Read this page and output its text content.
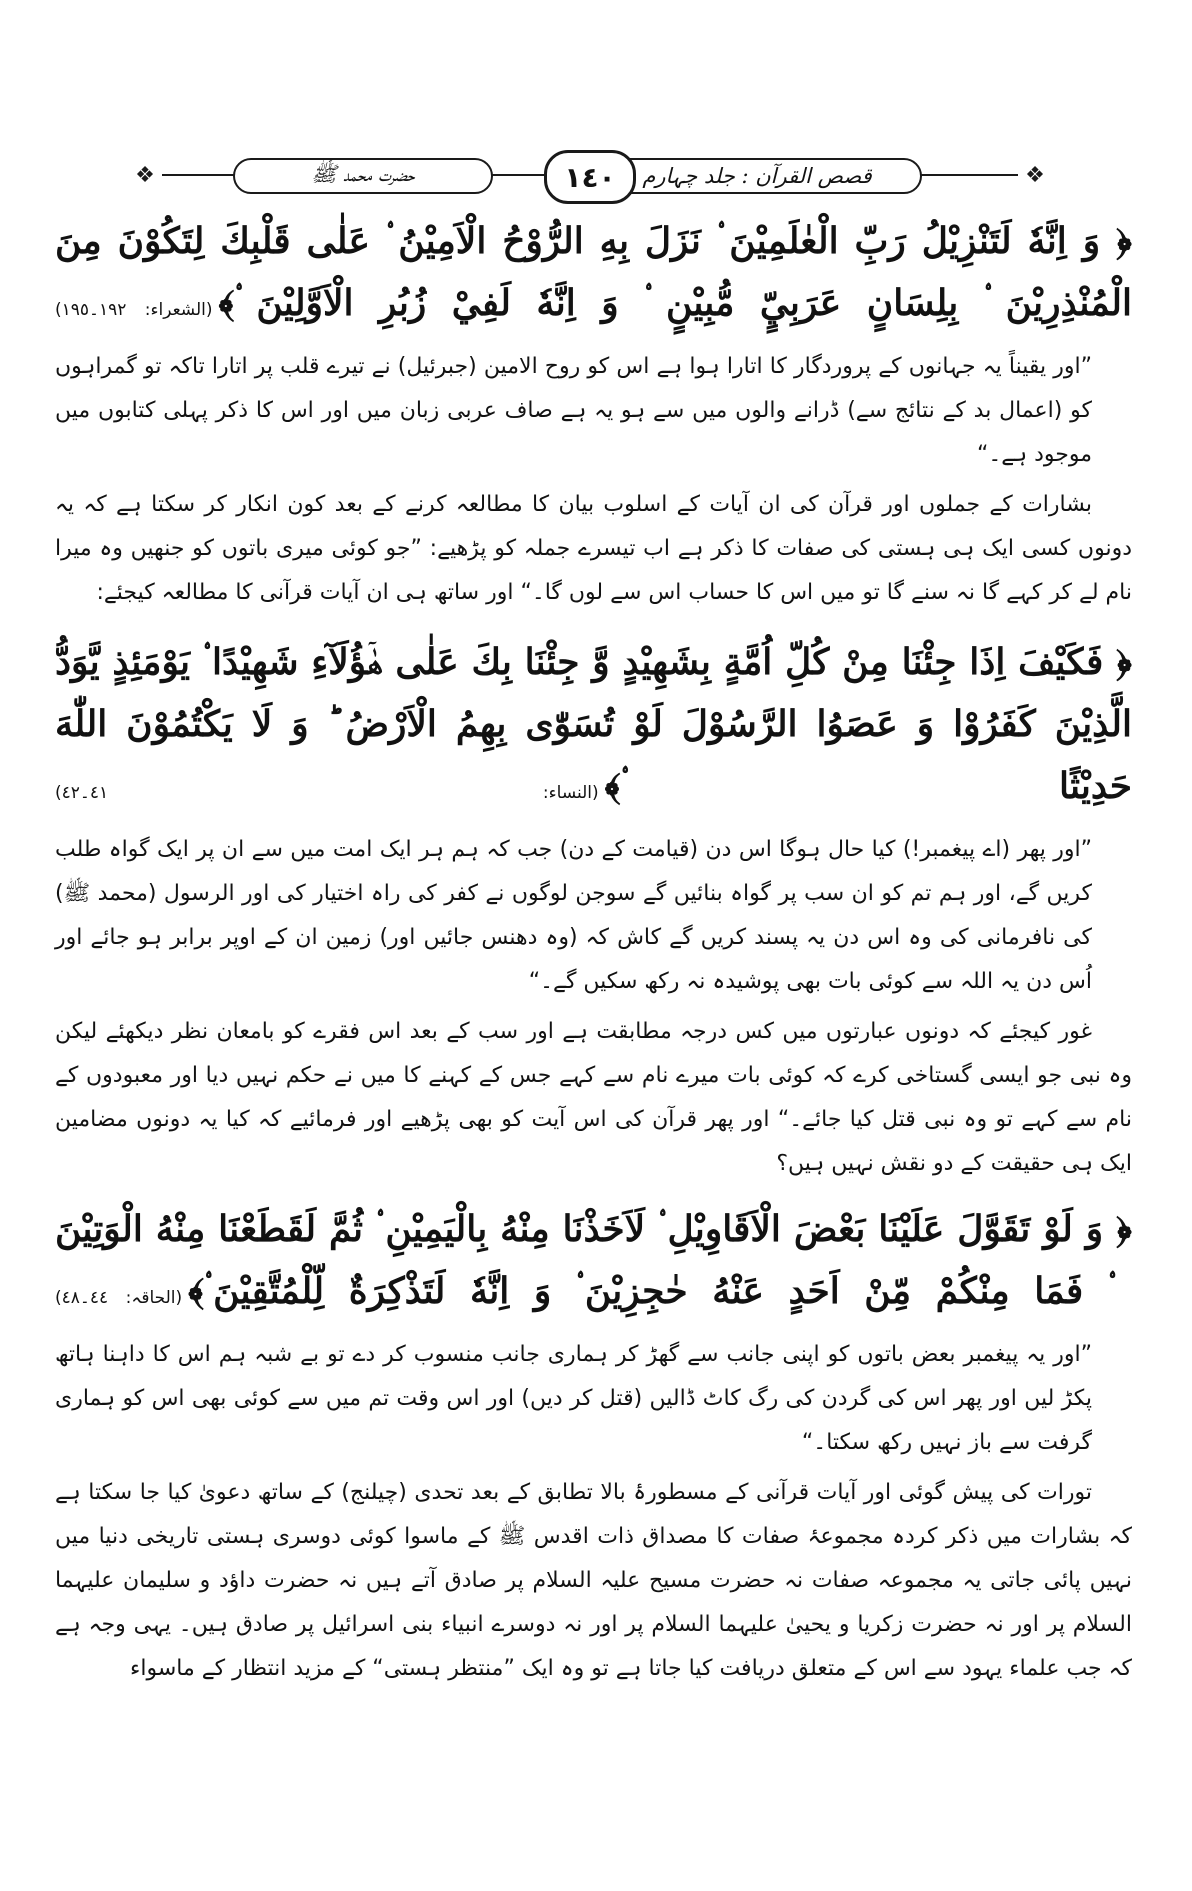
❖
❖	قصص القرآن : جلد چہارم
١٤٠
حضرت محمد ﷺ

﴿ وَ اِنَّهٗ لَتَنْزِيْلُ رَبِّ الْعٰلَمِيْنَ ۟ نَزَلَ بِهِ الرُّوْحُ الْاَمِيْنُ ۟ عَلٰى قَلْبِكَ لِتَكُوْنَ مِنَ الْمُنْذِرِيْنَ ۟ بِلِسَانٍ عَرَبِيٍّ مُّبِيْنٍ ۟ وَ اِنَّهٗ لَفِيْ زُبُرِ الْاَوَّلِيْنَ ۟﴾(الشعراء: ١٩٢۔١٩٥)

”اور یقیناً یہ جہانوں کے پروردگار کا اتارا ہوا ہے اس کو روح الامین (جبرئیل) نے تیرے قلب پر اتارا تاکہ تو گمراہوں کو (اعمال بد کے نتائج سے) ڈرانے والوں میں سے ہو یہ ہے صاف عربی زبان میں اور اس کا ذکر پہلی کتابوں میں موجود ہے۔“

بشارات کے جملوں اور قرآن کی ان آیات کے اسلوب بیان کا مطالعہ کرنے کے بعد کون انکار کر سکتا ہے کہ یہ دونوں کسی ایک ہی ہستی کی صفات کا ذکر ہے اب تیسرے جملہ کو پڑھیے: ”جو کوئی میری باتوں کو جنھیں وہ میرا نام لے کر کہے گا نہ سنے گا تو میں اس کا حساب اس سے لوں گا۔“ اور ساتھ ہی ان آیات قرآنی کا مطالعہ کیجئے:

﴿ فَكَيْفَ اِذَا جِئْنَا مِنْ كُلِّ اُمَّةٍ بِشَهِيْدٍ وَّ جِئْنَا بِكَ عَلٰى هٰۤؤُلَآءِ شَهِيْدًا ۟ يَوْمَئِذٍ يَّوَدُّ الَّذِيْنَ كَفَرُوْا وَ عَصَوُا الرَّسُوْلَ لَوْ تُسَوّٰى بِهِمُ الْاَرْضُ ؕ وَ لَا يَكْتُمُوْنَ اللّٰهَ حَدِيْثًا ۟﴾(النساء: ٤١۔٤٢)

”اور پھر (اے پیغمبر!) کیا حال ہوگا اس دن (قیامت کے دن) جب کہ ہم ہر ایک امت میں سے ان پر ایک گواہ طلب کریں گے، اور ہم تم کو ان سب پر گواہ بنائیں گے سوجن لوگوں نے کفر کی راہ اختیار کی اور الرسول (محمد ﷺ) کی نافرمانی کی وہ اس دن یہ پسند کریں گے کاش کہ (وہ دھنس جائیں اور) زمین ان کے اوپر برابر ہو جائے اور اُس دن یہ اللہ سے کوئی بات بھی پوشیدہ نہ رکھ سکیں گے۔“

غور کیجئے کہ دونوں عبارتوں میں کس درجہ مطابقت ہے اور سب کے بعد اس فقرے کو بامعان نظر دیکھئے لیکن وہ نبی جو ایسی گستاخی کرے کہ کوئی بات میرے نام سے کہے جس کے کہنے کا میں نے حکم نہیں دیا اور معبودوں کے نام سے کہے تو وہ نبی قتل کیا جائے۔“ اور پھر قرآن کی اس آیت کو بھی پڑھیے اور فرمائیے کہ کیا یہ دونوں مضامین ایک ہی حقیقت کے دو نقش نہیں ہیں؟

﴿ وَ لَوْ تَقَوَّلَ عَلَيْنَا بَعْضَ الْاَقَاوِيْلِ ۟ لَاَخَذْنَا مِنْهُ بِالْيَمِيْنِ ۟ ثُمَّ لَقَطَعْنَا مِنْهُ الْوَتِيْنَ ۟ فَمَا مِنْكُمْ مِّنْ اَحَدٍ عَنْهُ حٰجِزِيْنَ ۟ وَ اِنَّهٗ لَتَذْكِرَةٌ لِّلْمُتَّقِيْنَ ۟﴾(الحاقہ: ٤٤۔٤٨)

”اور یہ پیغمبر بعض باتوں کو اپنی جانب سے گھڑ کر ہماری جانب منسوب کر دے تو بے شبہ ہم اس کا داہنا ہاتھ پکڑ لیں اور پھر اس کی گردن کی رگ کاٹ ڈالیں (قتل کر دیں) اور اس وقت تم میں سے کوئی بھی اس کو ہماری گرفت سے باز نہیں رکھ سکتا۔“

تورات کی پیش گوئی اور آیات قرآنی کے مسطورۂ بالا تطابق کے بعد تحدی (چیلنج) کے ساتھ دعویٰ کیا جا سکتا ہے کہ بشارات میں ذکر کردہ مجموعۂ صفات کا مصداق ذات اقدس ﷺ کے ماسوا کوئی دوسری ہستی تاریخی دنیا میں نہیں پائی جاتی یہ مجموعہ صفات نہ حضرت مسیح علیہ السلام پر صادق آتے ہیں نہ حضرت داؤد و سلیمان علیہما السلام پر اور نہ حضرت زکریا و یحییٰ علیہما السلام پر اور نہ دوسرے انبیاء بنی اسرائیل پر صادق ہیں۔ یہی وجہ ہے کہ جب علماء یہود سے اس کے متعلق دریافت کیا جاتا ہے تو وہ ایک ”منتظر ہستی“ کے مزید انتظار کے ماسواء
